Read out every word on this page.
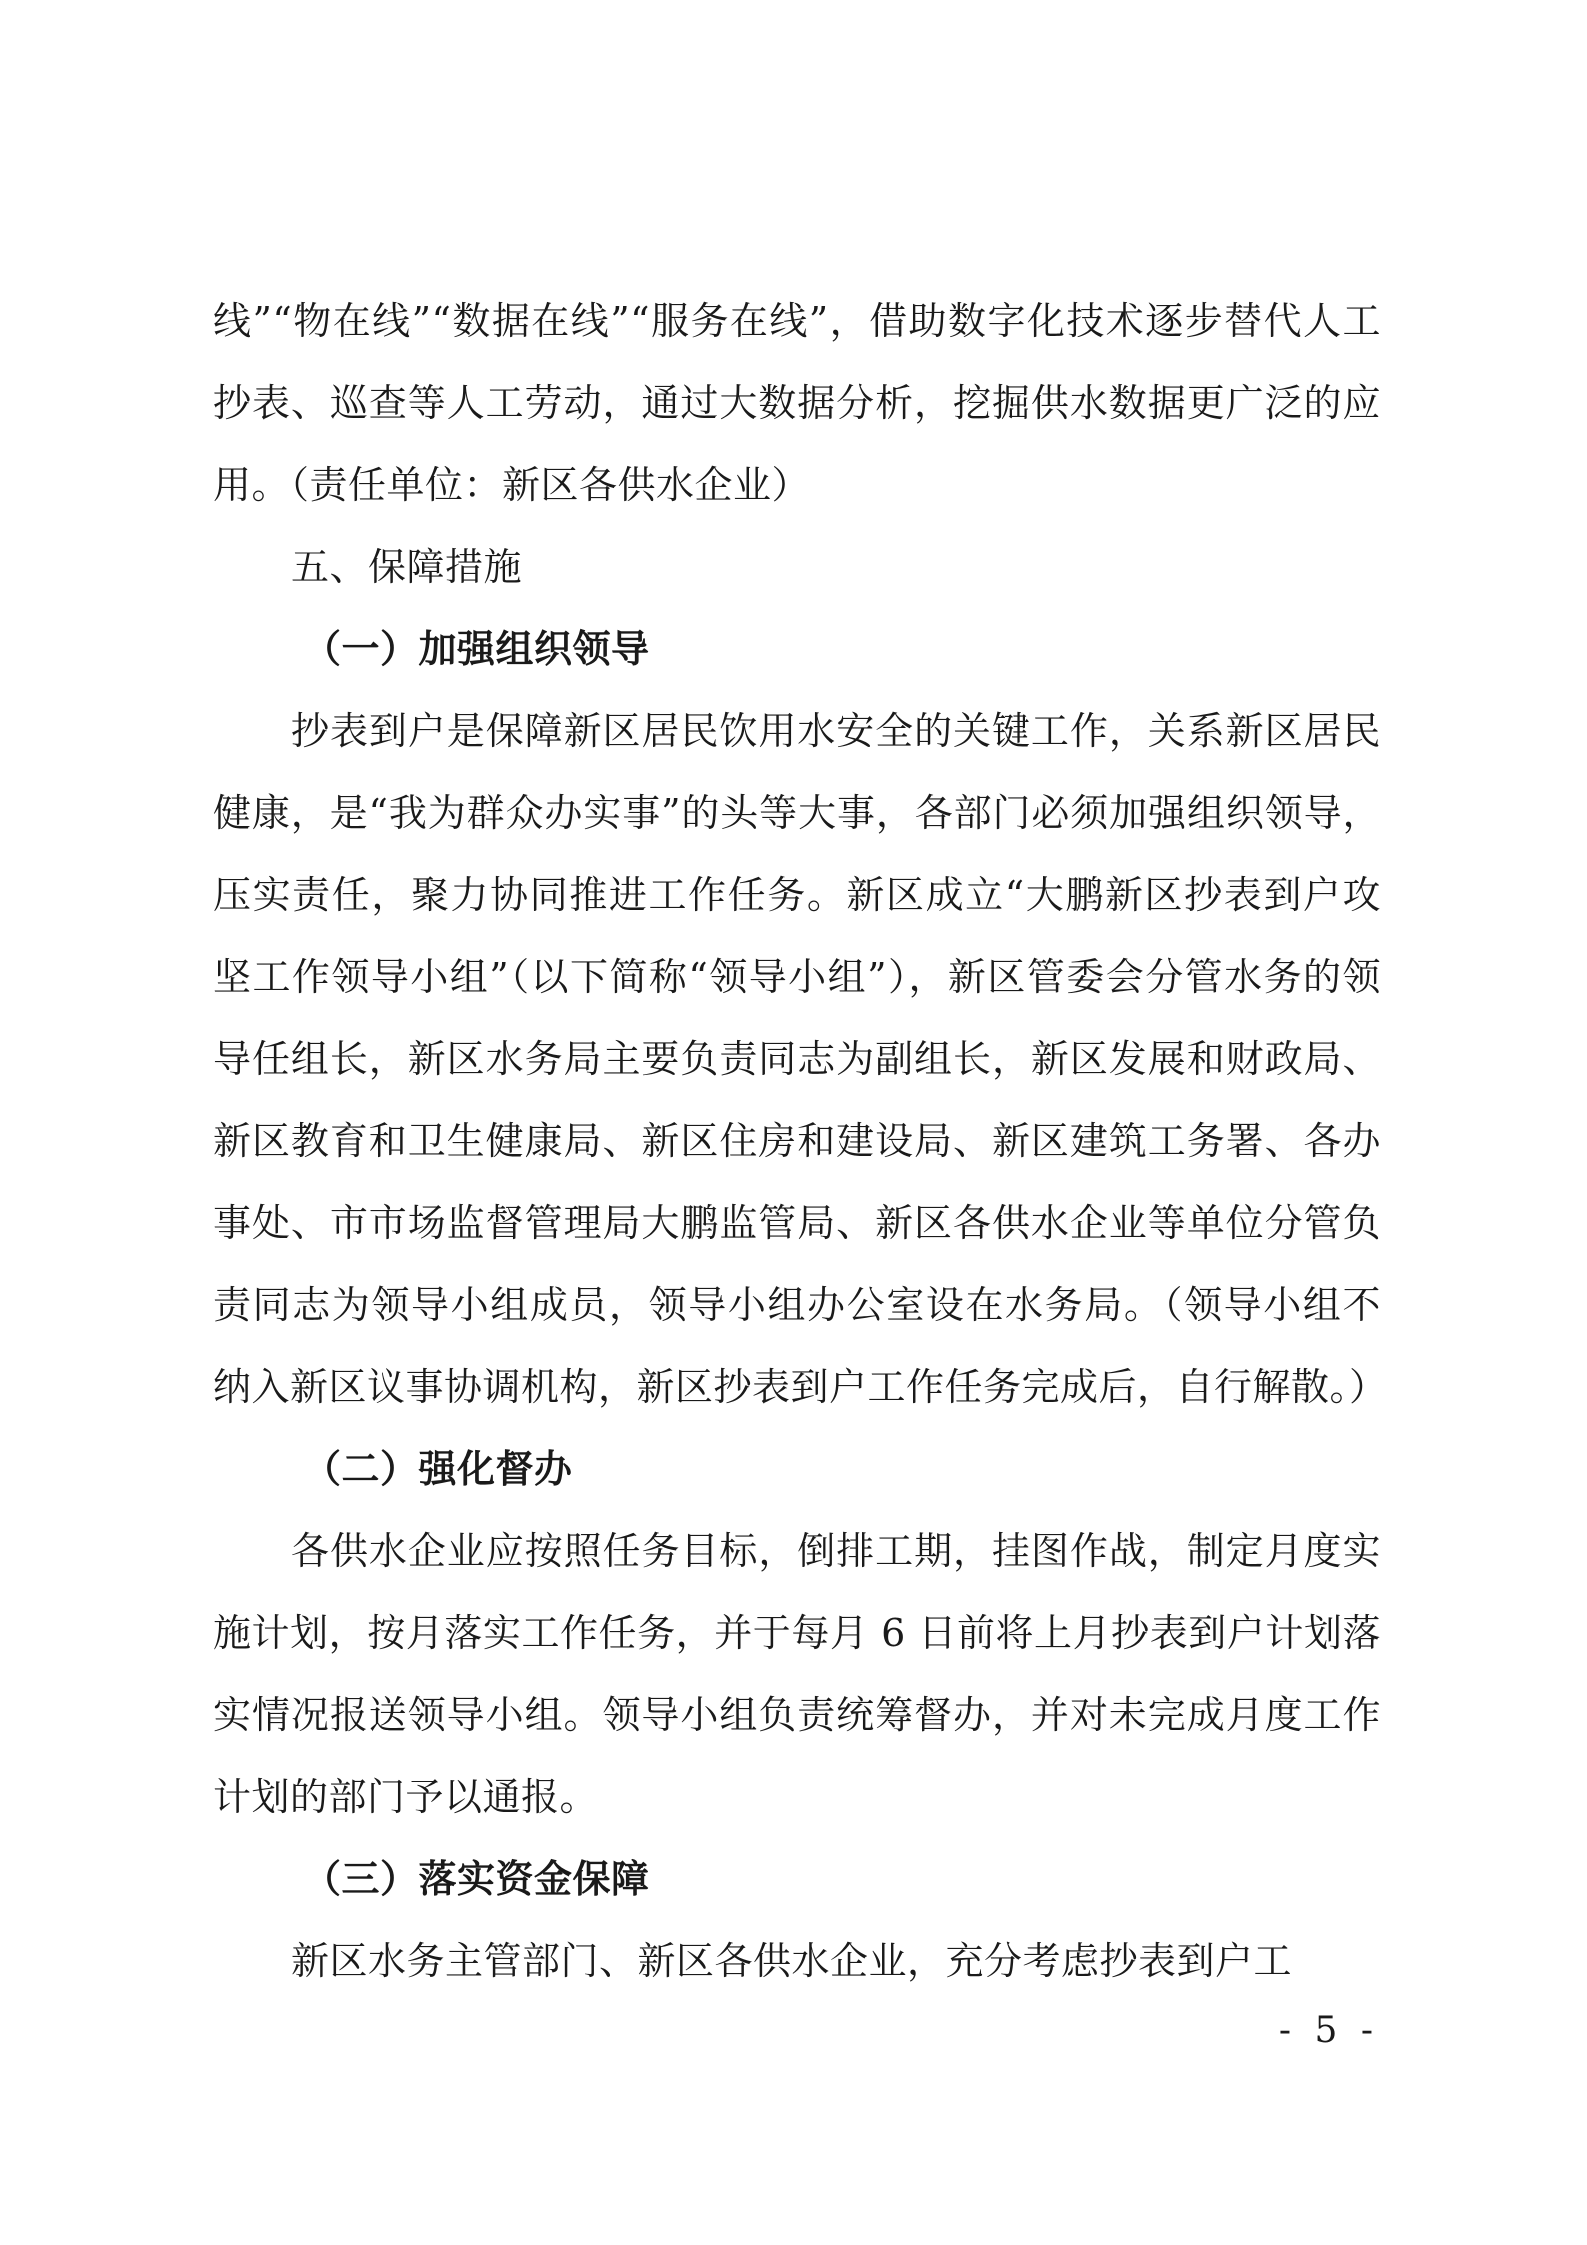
线”“物在线”“数据在线”“服务在线”，借助数字化技术逐步替代人工抄表、巡查等人工劳动，通过大数据分析，挖掘供水数据更广泛的应用。（责任单位：新区各供水企业）

五、保障措施

（一）加强组织领导

抄表到户是保障新区居民饮用水安全的关键工作，关系新区居民健康，是“我为群众办实事”的头等大事，各部门必须加强组织领导，压实责任，聚力协同推进工作任务。新区成立“大鹏新区抄表到户攻坚工作领导小组”（以下简称“领导小组”），新区管委会分管水务的领导任组长，新区水务局主要负责同志为副组长，新区发展和财政局、新区教育和卫生健康局、新区住房和建设局、新区建筑工务署、各办事处、市市场监督管理局大鹏监管局、新区各供水企业等单位分管负责同志为领导小组成员，领导小组办公室设在水务局。（领导小组不纳入新区议事协调机构，新区抄表到户工作任务完成后，自行解散。）

（二）强化督办

各供水企业应按照任务目标，倒排工期，挂图作战，制定月度实施计划，按月落实工作任务，并于每月 6 日前将上月抄表到户计划落实情况报送领导小组。领导小组负责统筹督办，并对未完成月度工作计划的部门予以通报。

（三）落实资金保障

新区水务主管部门、新区各供水企业，充分考虑抄表到户工

- 5 -
